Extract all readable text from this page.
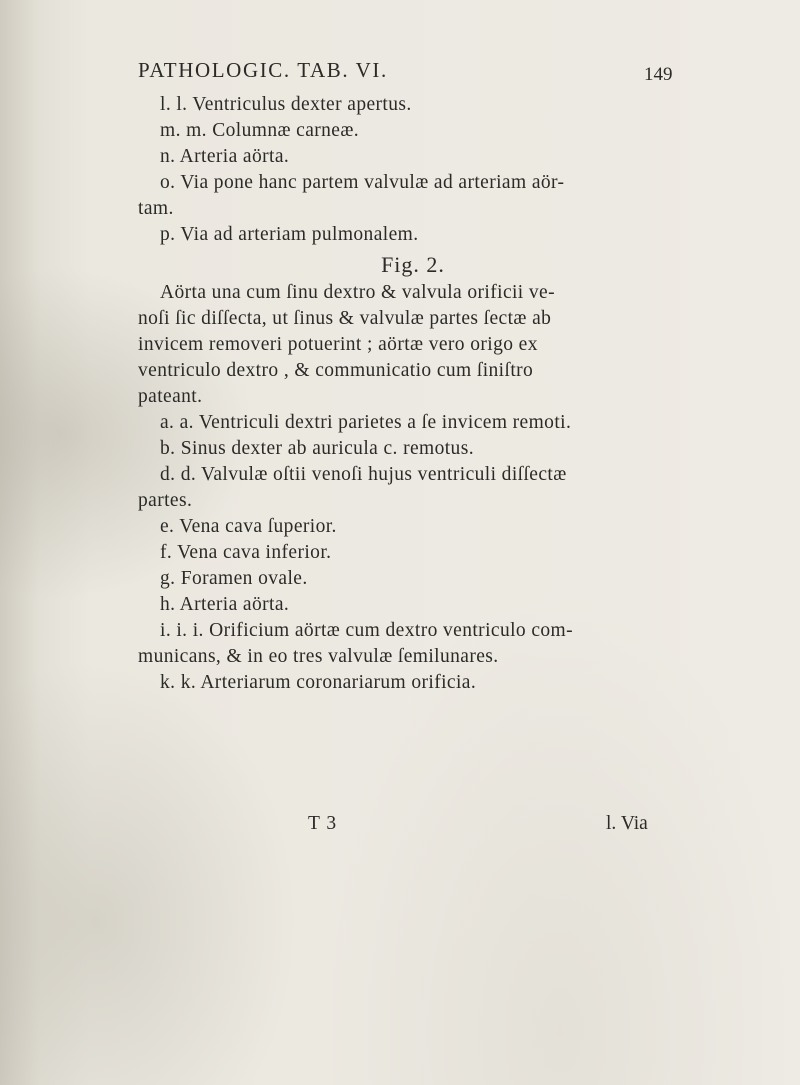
PATHOLOGIC. TAB. VI.	149
l. l. Ventriculus dexter apertus.
m. m. Columnæ carneæ.
n. Arteria aörta.
o. Via pone hanc partem valvulæ ad arteriam aör-
tam.
p. Via ad arteriam pulmonalem.
Fig. 2.
Aörta una cum ſinu dextro & valvula orificii ve-
noſi ſic diſſecta, ut ſinus & valvulæ partes ſectæ ab
invicem removeri potuerint ; aörtæ vero origo ex
ventriculo dextro , & communicatio cum ſiniſtro
pateant.
a. a. Ventriculi dextri parietes a ſe invicem remoti.
b. Sinus dexter ab auricula c. remotus.
d. d. Valvulæ oſtii venoſi hujus ventriculi diſſectæ
partes.
e. Vena cava ſuperior.
f. Vena cava inferior.
g. Foramen ovale.
h. Arteria aörta.
i. i. i. Orificium aörtæ cum dextro ventriculo com-
municans, & in eo tres valvulæ ſemilunares.
k. k. Arteriarum coronariarum orificia.
T 3	l. Via
